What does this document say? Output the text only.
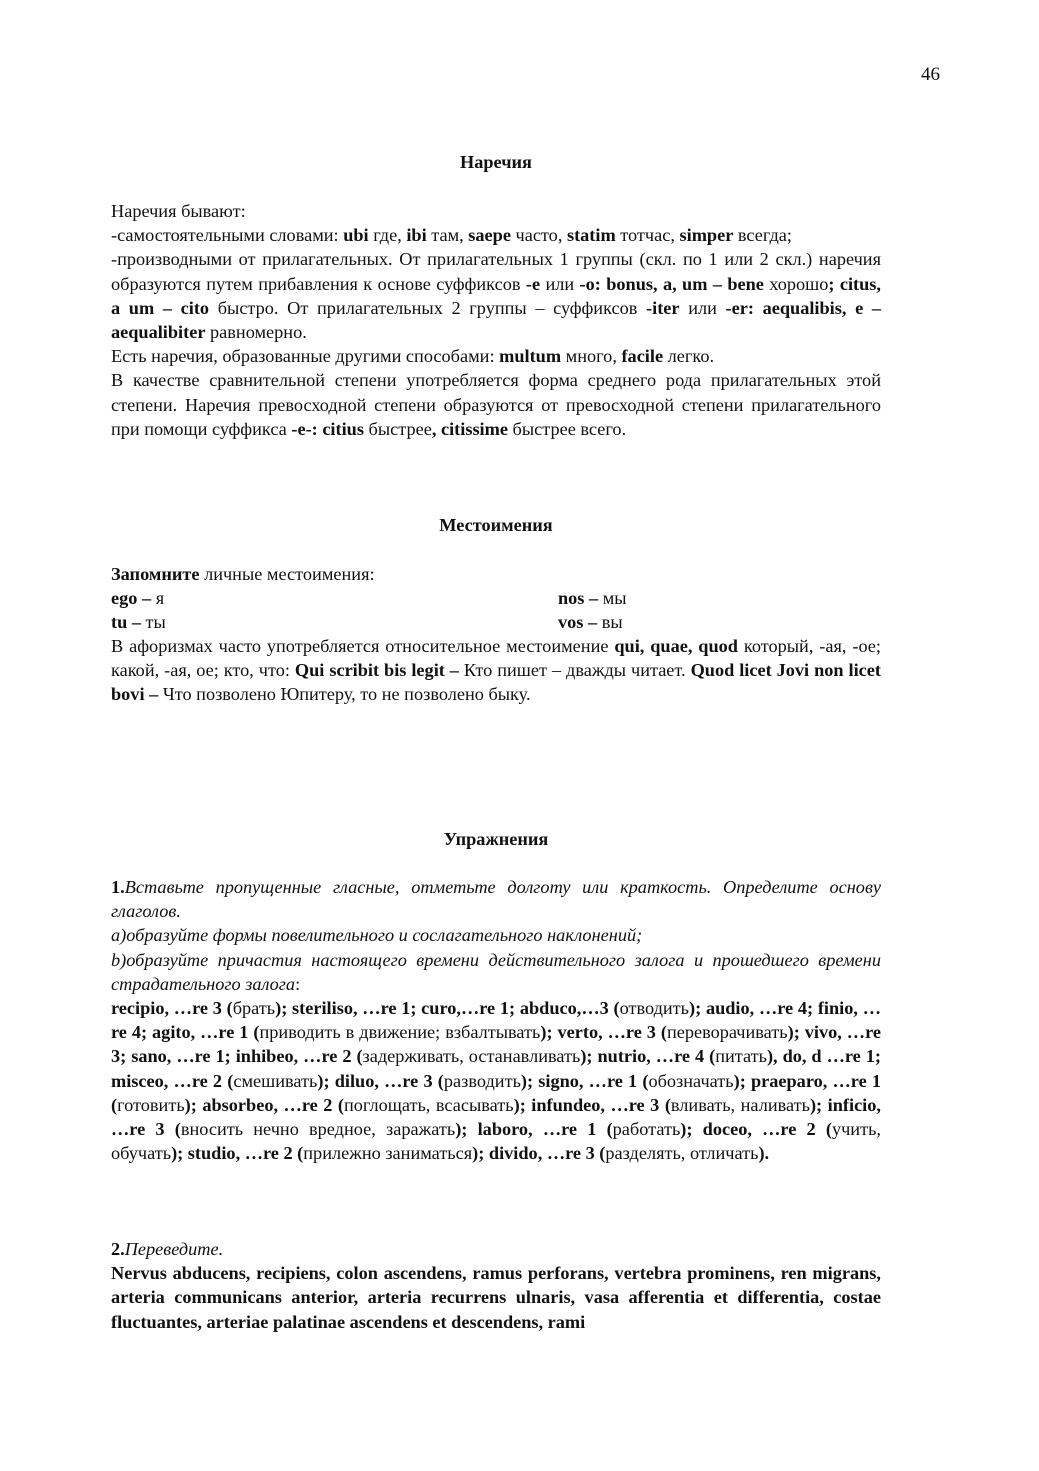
46
Наречия

Наречия бывают:

-самостоятельными словами: ubi где, ibi там, saepe часто, statim тотчас, simper всегда;

-производными от прилагательных. От прилагательных 1 группы (скл. по 1 или 2 скл.) наречия образуются путем прибавления к основе суффиксов -e или -o: bonus, a, um – bene хорошо; citus, a um – cito быстро. От прилагательных 2 группы – суффиксов -iter или -er: aequalibis, e – aequalibiter равномерно.

Есть наречия, образованные другими способами: multum много, facile легко.

В качестве сравнительной степени употребляется форма среднего рода прилагательных этой степени. Наречия превосходной степени образуются от превосходной степени прилагательного при помощи суффикса -e-: citius быстрее, citissime быстрее всего.

Местоимения

Запомните личные местоимения:

ego – я	nos – мы
tu – ты	vos – вы

В афоризмах часто употребляется относительное местоимение qui, quae, quod который, -ая, -ое; какой, -ая, ое; кто, что: Qui scribit bis legit – Кто пишет – дважды читает. Quod licet Jovi non licet bovi – Что позволено Юпитеру, то не позволено быку.

Упражнения

1.Вставьте пропущенные гласные, отметьте долготу или краткость. Определите основу глаголов.

a)образуйте формы повелительного и сослагательного наклонений;

b)образуйте причастия настоящего времени действительного залога и прошедшего времени страдательного залога:

recipio, …re 3 (брать); steriliso, …re 1; curo,…re 1; abduco,…3 (отводить); audio, …re 4; finio, …re 4; agito, …re 1 (приводить в движение; взбалтывать); verto, …re 3 (переворачивать); vivo, …re 3; sano, …re 1; inhibeo, …re 2 (задерживать, останавливать); nutrio, …re 4 (питать), do, d …re 1; misceo, …re 2 (смешивать); diluo, …re 3 (разводить); signo, …re 1 (обозначать); praeparo, …re 1 (готовить); absorbeo, …re 2 (поглощать, всасывать); infundeo, …re 3 (вливать, наливать); inficio, …re 3 (вносить нечно вредное, заражать); laboro, …re 1 (работать); doceo, …re 2 (учить, обучать); studio, …re 2 (прилежно заниматься); divido, …re 3 (разделять, отличать).

2.Переведите.

Nervus abducens, recipiens, colon ascendens, ramus perforans, vertebra prominens, ren migrans, arteria communicans anterior, arteria recurrens ulnaris, vasa afferentia et differentia, costae fluctuantes, arteriae palatinae ascendens et descendens, rami
